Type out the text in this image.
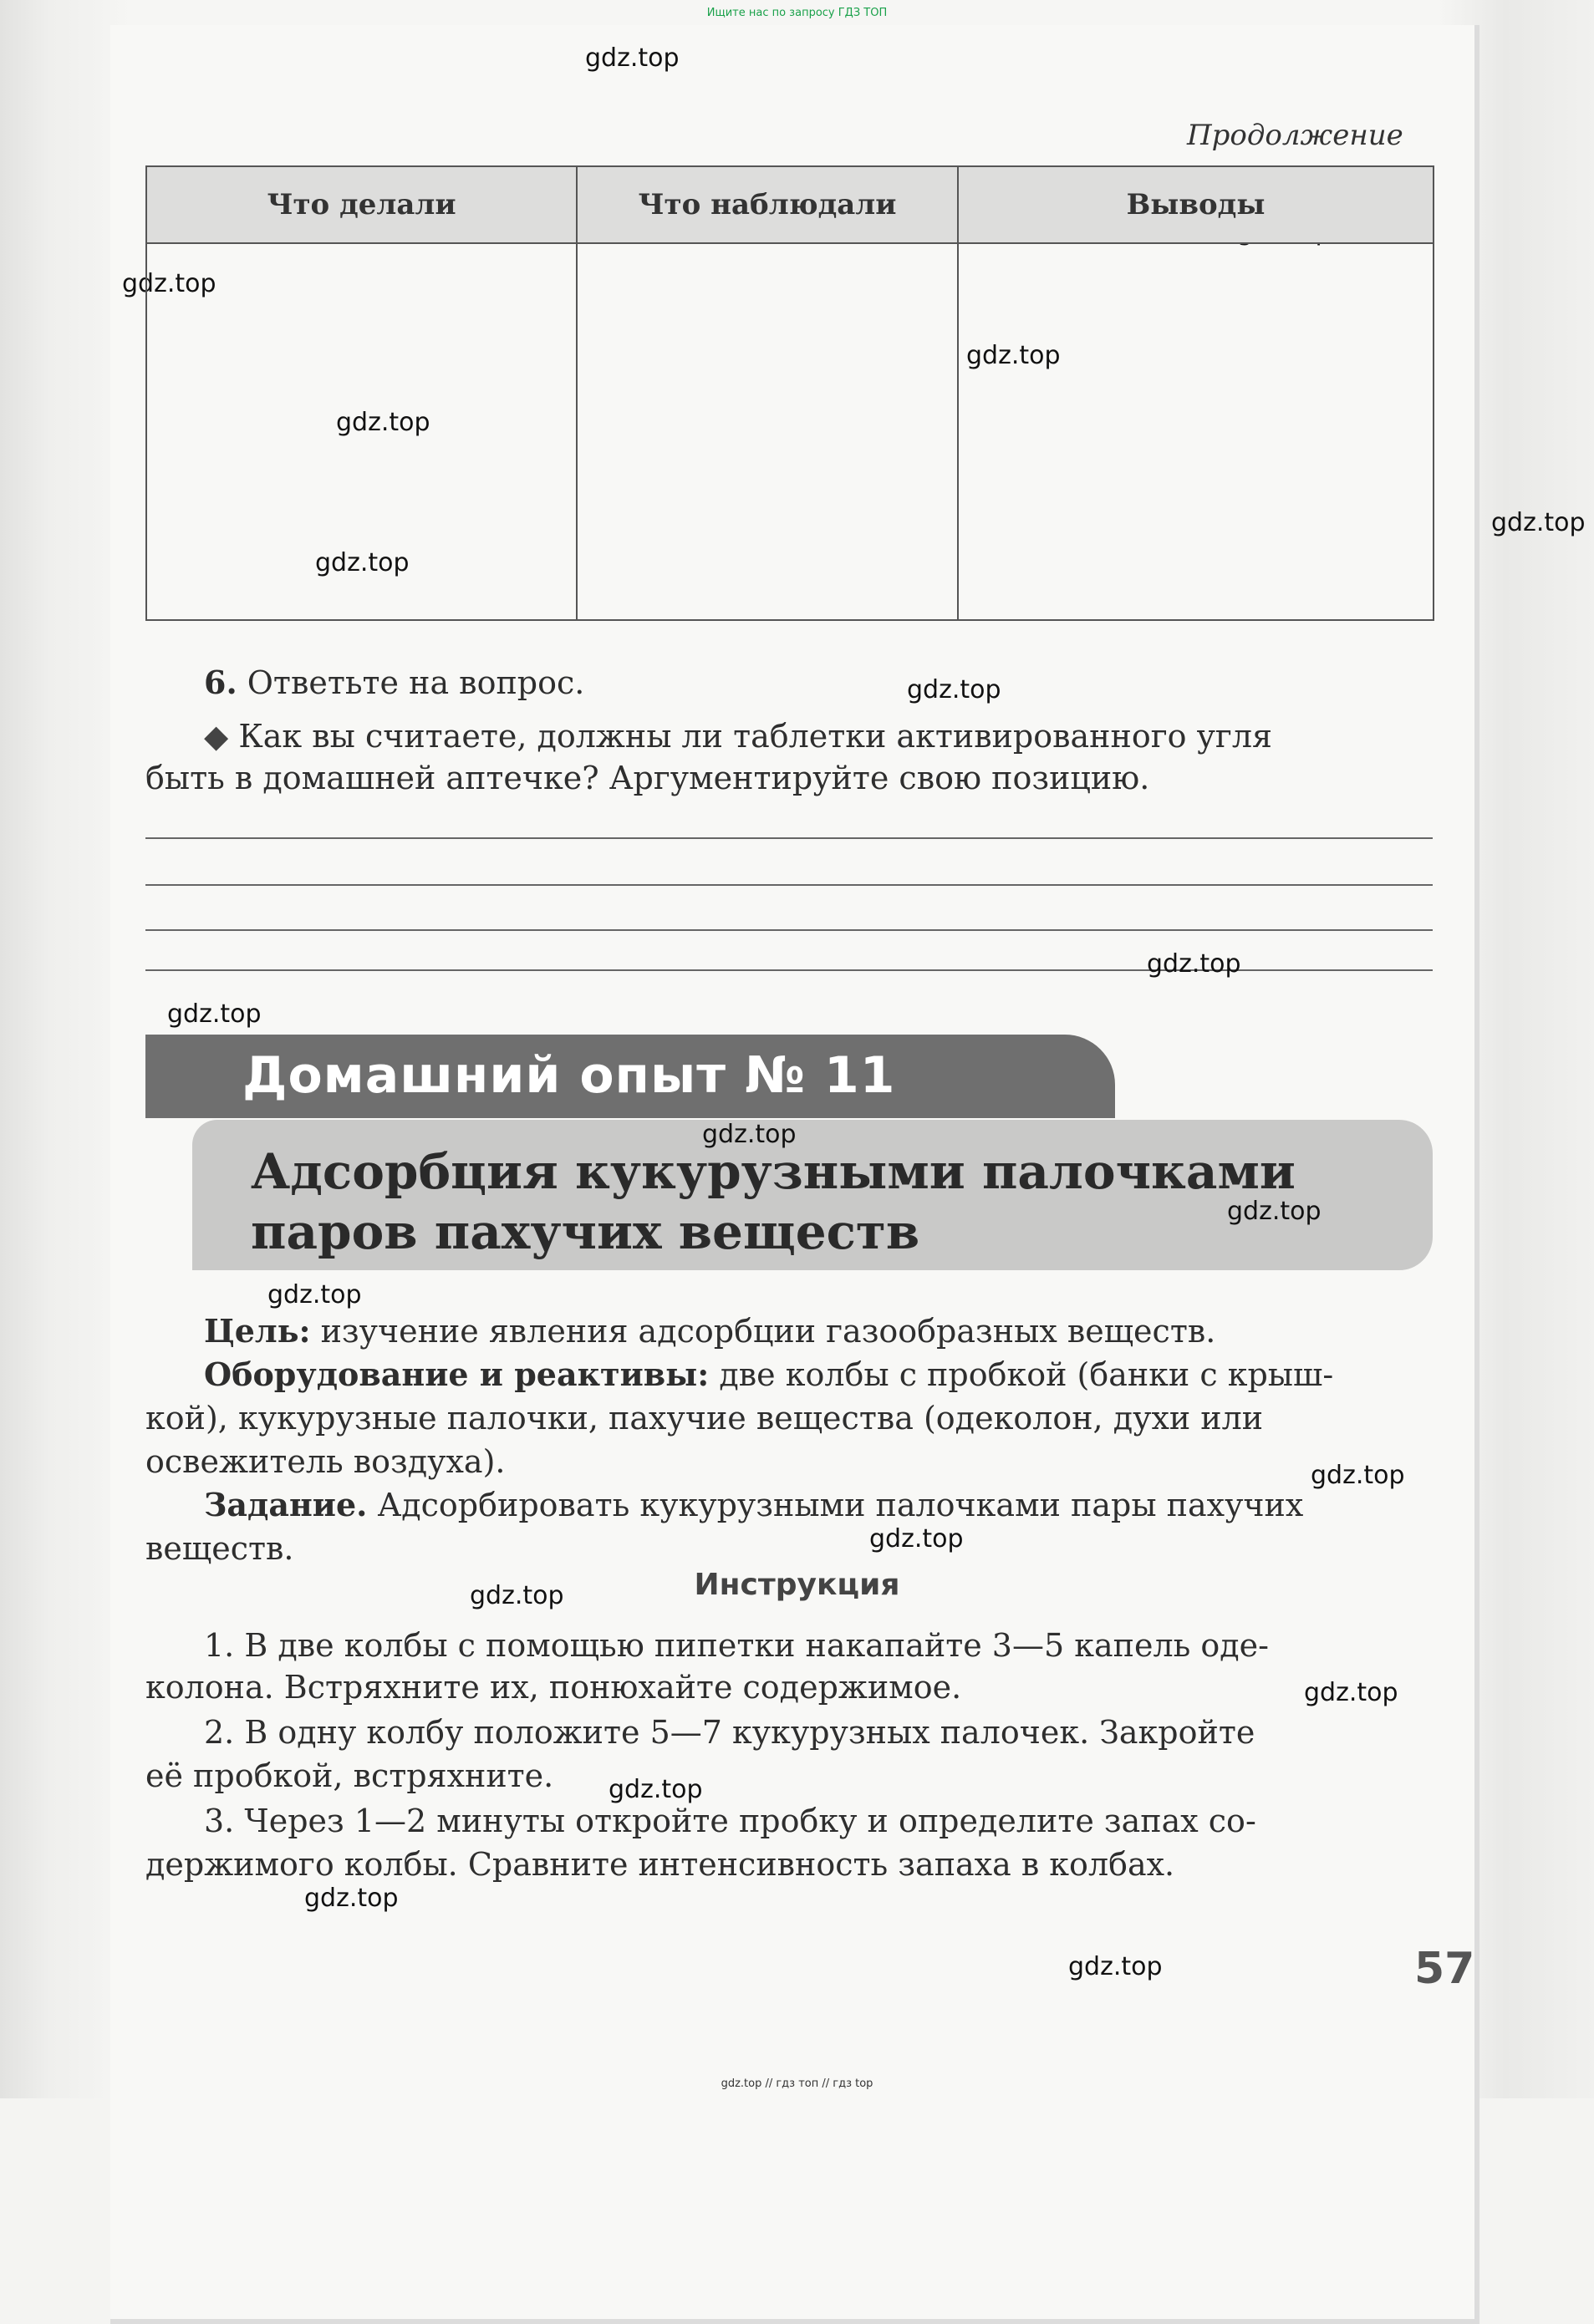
Ищите нас по запросу ГДЗ ТОП
gdz.top
gdz.top
gdz.top
gdz.top
gdz.top
gdz.top
Продолжение
Что делали	Что наблюдали	Выводы

gdz.top
6. Ответьте на вопрос.
◆ Как вы считаете, должны ли таблетки активированного угля
быть в домашней аптечке? Аргументируйте свою позицию.
gdz.top
gdz.top
Домашний опыт № 11
Адсорбция кукурузными палочками
паров пахучих веществ
gdz.top
gdz.top
gdz.top
Цель: изучение явления адсорбции газообразных веществ.
Оборудование и реактивы: две колбы с пробкой (банки с крыш-
кой), кукурузные палочки, пахучие вещества (одеколон, духи или
освежитель воздуха).	gdz.top
Задание. Адсорбировать кукурузными палочками пары пахучих
веществ.	gdz.top
Инструкция
gdz.top
1. В две колбы с помощью пипетки накапайте 3—5 капель оде-
колона. Встряхните их, понюхайте содержимое.	gdz.top
2. В одну колбу положите 5—7 кукурузных палочек. Закройте
её пробкой, встряхните. gdz.top
3. Через 1—2 минуты откройте пробку и определите запах со-
держимого колбы. Сравните интенсивность запаха в колбах.
gdz.top
gdz.top	57
gdz.top // гдз топ // гдз top
